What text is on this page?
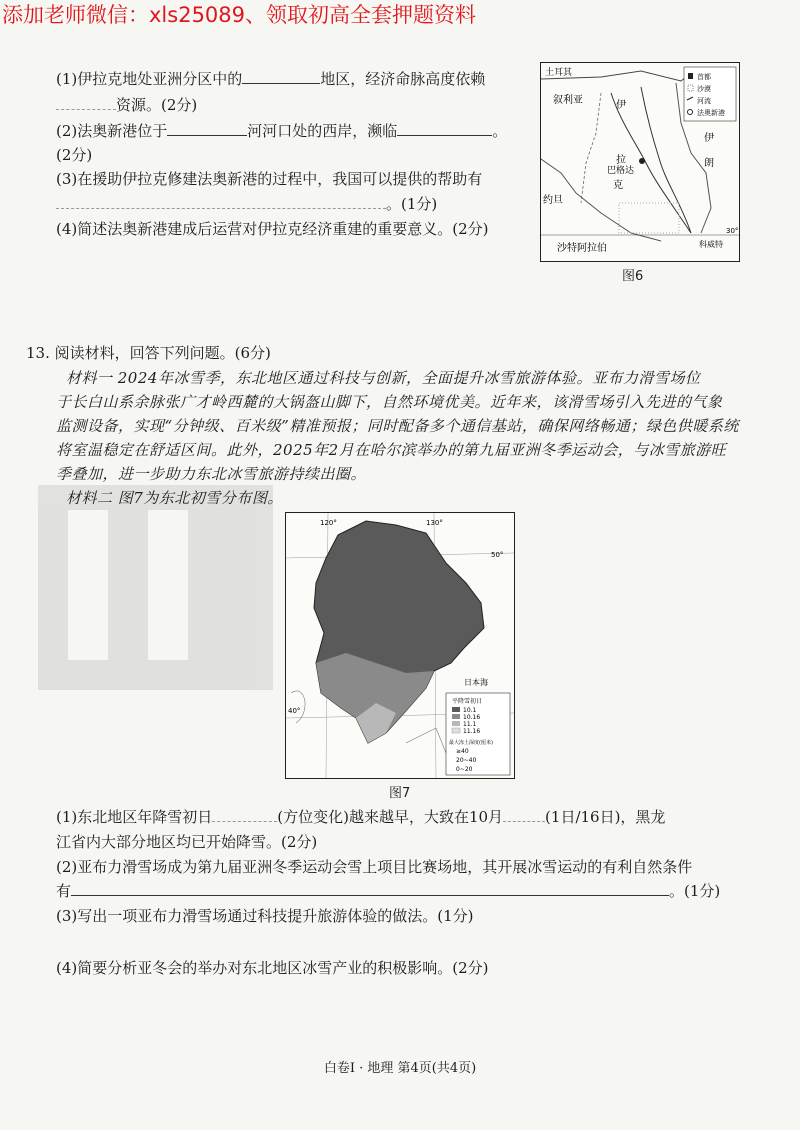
添加老师微信：xls25089、领取初高全套押题资料
(1)伊拉克地处亚洲分区中的	地区，经济命脉高度依赖
资源。(2分)
(2)法奥新港位于	河河口处的西岸，濒临	。
(2分)
(3)在援助伊拉克修建法奥新港的过程中，我国可以提供的帮助有
。(1分)
(4)简述法奥新港建成后运营对伊拉克经济重建的重要意义。(2分)
土耳其
叙利亚	伊
拉
克
巴格达
伊
朗
约旦
沙特阿拉伯	科威特
30°
首都
沙漠
河流
法奥新港
图6
13. 阅读材料，回答下列问题。(6分)
材料一 2024年冰雪季，东北地区通过科技与创新，全面提升冰雪旅游体验。亚布力滑雪场位
于长白山系余脉张广才岭西麓的大锅盔山脚下，自然环境优美。近年来，该滑雪场引入先进的气象
监测设备，实现“分钟级、百米级”精准预报；同时配备多个通信基站，确保网络畅通；绿色供暖系统
将室温稳定在舒适区间。此外，2025年2月在哈尔滨举办的第九届亚洲冬季运动会，与冰雪旅游旺
季叠加，进一步助力东北冰雪旅游持续出圈。
材料二 图7为东北初雪分布图。
120°	130°
50°
40°
日本海
平降雪初日
10.1
10.16
11.1
11.16
最大冻土深度(厘米)
≥40
20~40
0~20
图7
(1)东北地区年降雪初日	(方位变化)越来越早，大致在10月	(1日/16日)，黑龙
江省内大部分地区均已开始降雪。(2分)
(2)亚布力滑雪场成为第九届亚洲冬季运动会雪上项目比赛场地，其开展冰雪运动的有利自然条件
有	。(1分)
(3)写出一项亚布力滑雪场通过科技提升旅游体验的做法。(1分)
(4)简要分析亚冬会的举办对东北地区冰雪产业的积极影响。(2分)
白卷Ⅰ · 地理 第4页(共4页)
